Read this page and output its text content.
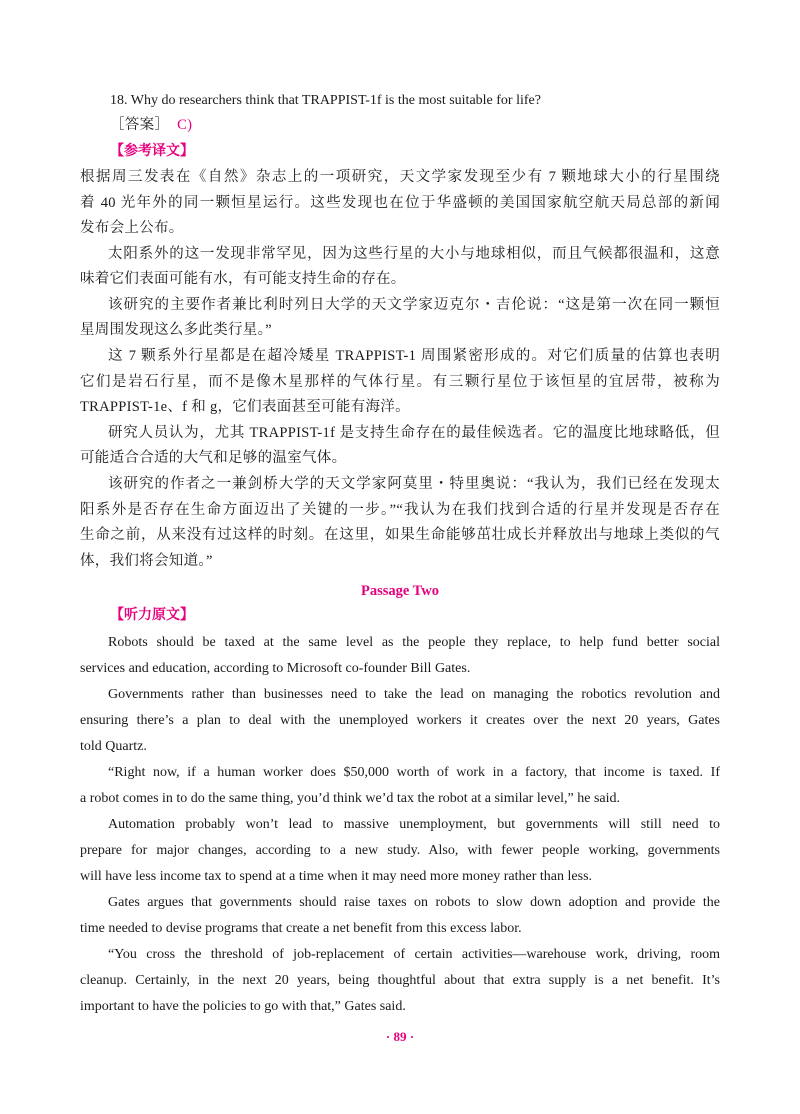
18. Why do researchers think that TRAPPIST-1f is the most suitable for life?
［答案］ C)
【参考译文】
根据周三发表在《自然》杂志上的一项研究，天文学家发现至少有 7 颗地球大小的行星围绕
着 40 光年外的同一颗恒星运行。这些发现也在位于华盛顿的美国国家航空航天局总部的新闻
发布会上公布。
太阳系外的这一发现非常罕见，因为这些行星的大小与地球相似，而且气候都很温和，这意
味着它们表面可能有水，有可能支持生命的存在。
该研究的主要作者兼比利时列日大学的天文学家迈克尔・吉伦说：“这是第一次在同一颗恒
星周围发现这么多此类行星。”
这 7 颗系外行星都是在超冷矮星 TRAPPIST-1 周围紧密形成的。对它们质量的估算也表明
它们是岩石行星，而不是像木星那样的气体行星。有三颗行星位于该恒星的宜居带，被称为
TRAPPIST-1e、f 和 g，它们表面甚至可能有海洋。
研究人员认为，尤其 TRAPPIST-1f 是支持生命存在的最佳候选者。它的温度比地球略低，但
可能适合合适的大气和足够的温室气体。
该研究的作者之一兼剑桥大学的天文学家阿莫里・特里奥说：“我认为，我们已经在发现太
阳系外是否存在生命方面迈出了关键的一步。”“我认为在我们找到合适的行星并发现是否存在
生命之前，从来没有过这样的时刻。在这里，如果生命能够茁壮成长并释放出与地球上类似的气
体，我们将会知道。”
Passage Two
【听力原文】
Robots should be taxed at the same level as the people they replace, to help fund better social
services and education, according to Microsoft co-founder Bill Gates.
Governments rather than businesses need to take the lead on managing the robotics revolution and
ensuring there’s a plan to deal with the unemployed workers it creates over the next 20 years, Gates
told Quartz.
“Right now, if a human worker does $50,000 worth of work in a factory, that income is taxed. If
a robot comes in to do the same thing, you’d think we’d tax the robot at a similar level,” he said.
Automation probably won’t lead to massive unemployment, but governments will still need to
prepare for major changes, according to a new study. Also, with fewer people working, governments
will have less income tax to spend at a time when it may need more money rather than less.
Gates argues that governments should raise taxes on robots to slow down adoption and provide the
time needed to devise programs that create a net benefit from this excess labor.
“You cross the threshold of job-replacement of certain activities—warehouse work, driving, room
cleanup. Certainly, in the next 20 years, being thoughtful about that extra supply is a net benefit. It’s
important to have the policies to go with that,” Gates said.
· 89 ·
